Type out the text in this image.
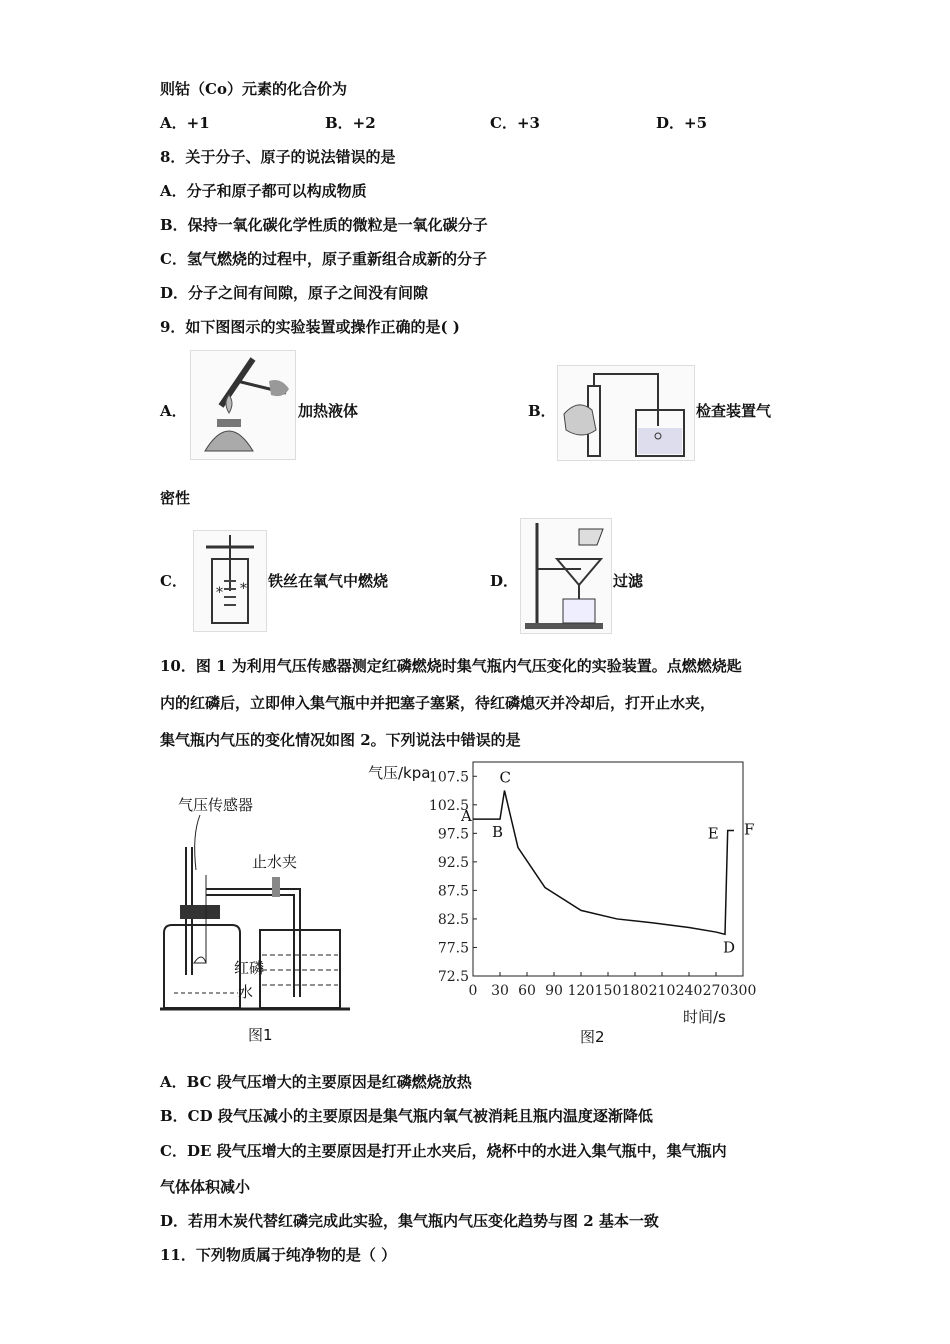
则钴（Co）元素的化合价为
A．+1	B．+2	C．+3	D．+5
8．关于分子、原子的说法错误的是
A．分子和原子都可以构成物质
B．保持一氧化碳化学性质的微粒是一氧化碳分子
C．氢气燃烧的过程中，原子重新组合成新的分子
D．分子之间有间隙，原子之间没有间隙
9．如下图图示的实验装置或操作正确的是( )
A．	加热液体	B．	检查装置气
密性
C．
* * 铁丝在氧气中燃烧	D．	过滤
10．图 1 为利用气压传感器测定红磷燃烧时集气瓶内气压变化的实验装置。点燃燃烧匙
内的红磷后，立即伸入集气瓶中并把塞子塞紧，待红磷熄灭并冷却后，打开止水夹，
集气瓶内气压的变化情况如图 2。下列说法中错误的是
气压传感器
止水夹
红磷
水
图1
气压/kpa
时间/s
图2
107.5
102.5
97.5
92.5
87.5
82.5
77.5
72.5
0 30 60 90 120 150 180 210 240 270 300
A
B
C
D
E F
A．BC 段气压增大的主要原因是红磷燃烧放热
B．CD 段气压减小的主要原因是集气瓶内氧气被消耗且瓶内温度逐渐降低
C．DE 段气压增大的主要原因是打开止水夹后，烧杯中的水进入集气瓶中，集气瓶内
气体体积减小
D．若用木炭代替红磷完成此实验，集气瓶内气压变化趋势与图 2 基本一致
11．下列物质属于纯净物的是（ ）
